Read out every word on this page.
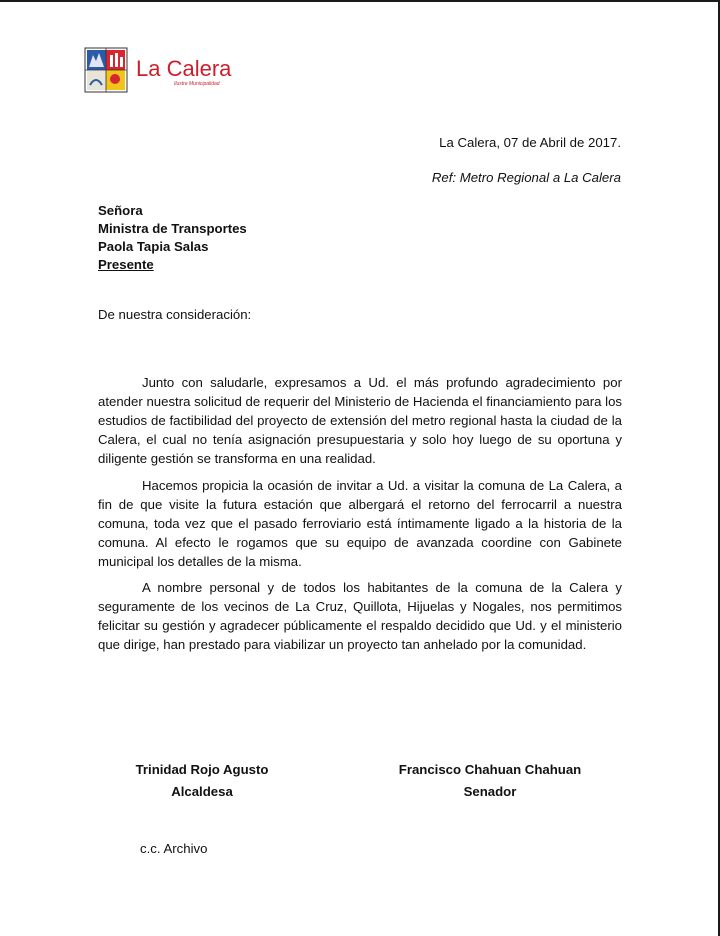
La Calera
Ilustre Municipalidad
La Calera, 07 de Abril de 2017.
Ref: Metro Regional a La Calera
Señora
Ministra de Transportes
Paola Tapia Salas
Presente
De nuestra consideración:

Junto con saludarle, expresamos a Ud. el más profundo agradecimiento por atender nuestra solicitud de requerir del Ministerio de Hacienda el financiamiento para los estudios de factibilidad del proyecto de extensión del metro regional hasta la ciudad de la Calera, el cual no tenía asignación presupuestaria y solo hoy luego de su oportuna y diligente gestión se transforma en una realidad.

Hacemos propicia la ocasión de invitar a Ud. a visitar la comuna de La Calera, a fin de que visite la futura estación que albergará el retorno del ferrocarril a nuestra comuna, toda vez que el pasado ferroviario está íntimamente ligado a la historia de la comuna. Al efecto le rogamos que su equipo de avanzada coordine con Gabinete municipal los detalles de la misma.

A nombre personal y de todos los habitantes de la comuna de la Calera y seguramente de los vecinos de La Cruz, Quillota, Hijuelas y Nogales, nos permitimos felicitar su gestión y agradecer públicamente el respaldo decidido que Ud. y el ministerio que dirige, han prestado para viabilizar un proyecto tan anhelado por la comunidad.

Trinidad Rojo Agusto
Alcaldesa
Francisco Chahuan Chahuan
Senador
c.c. Archivo
